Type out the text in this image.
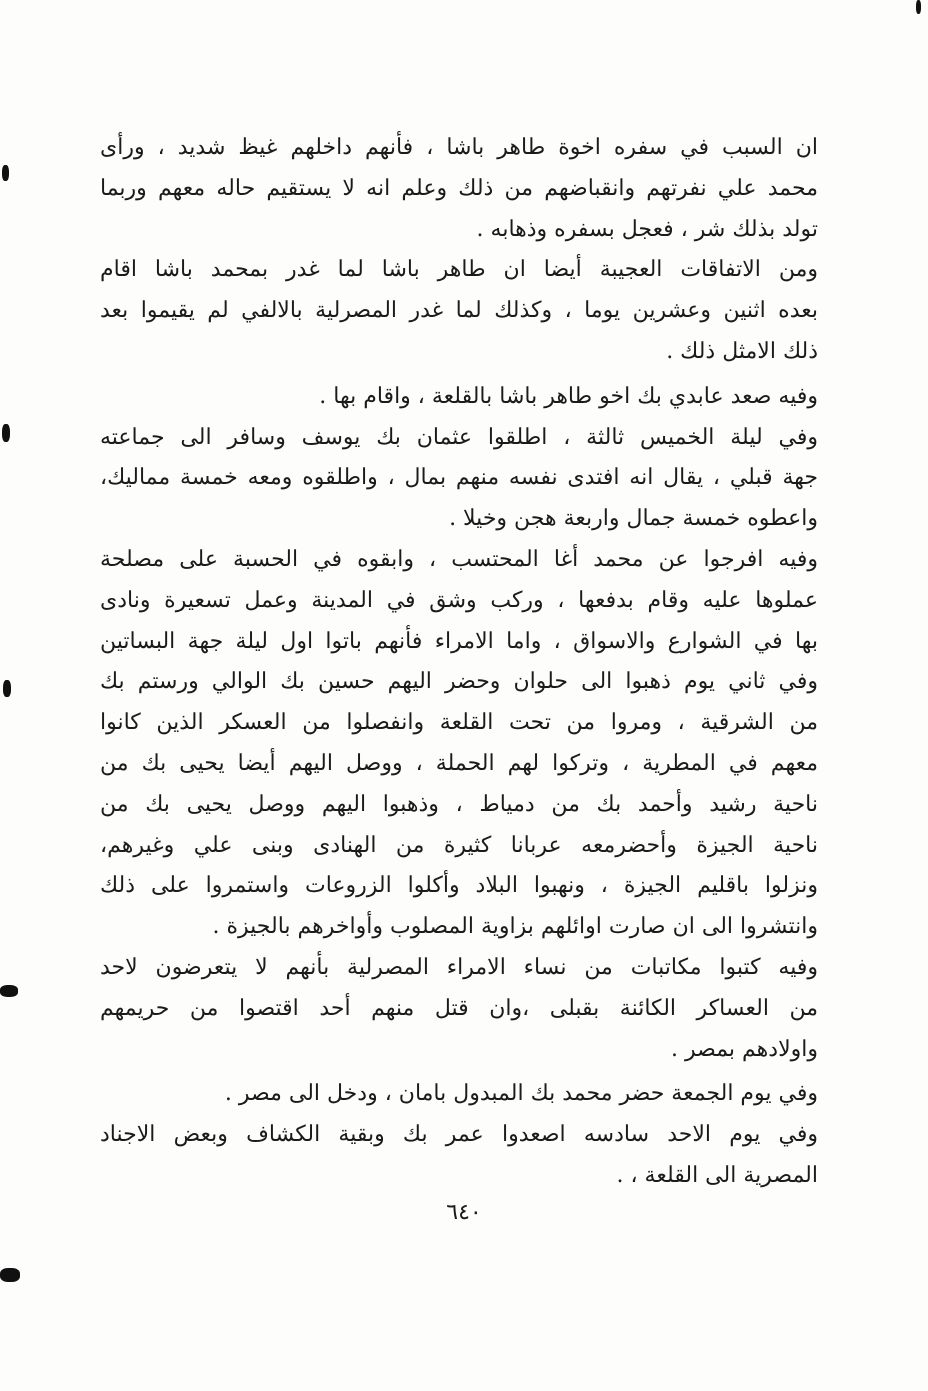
ان السبب في سفره اخوة طاهر باشا ، فأنهم داخلهم غيظ شديد ، ورأى
محمد علي نفرتهم وانقباضهم من ذلك وعلم انه لا يستقيم حاله معهم وربما
تولد بذلك شر ، فعجل بسفره وذهابه .
ومن الاتفاقات العجيبة أيضا ان طاهر باشا لما غدر بمحمد باشا اقام
بعده اثنين وعشرين يوما ، وكذلك لما غدر المصرلية بالالفي لم يقيموا بعد
ذلك الامثل ذلك .
وفيه صعد عابدي بك اخو طاهر باشا بالقلعة ، واقام بها .
وفي ليلة الخميس ثالثة ، اطلقوا عثمان بك يوسف وسافر الى جماعته
جهة قبلي ، يقال انه افتدى نفسه منهم بمال ، واطلقوه ومعه خمسة مماليك،
واعطوه خمسة جمال واربعة هجن وخيلا .
وفيه افرجوا عن محمد أغا المحتسب ، وابقوه في الحسبة على مصلحة
عملوها عليه وقام بدفعها ، وركب وشق في المدينة وعمل تسعيرة ونادى
بها في الشوارع والاسواق ، واما الامراء فأنهم باتوا اول ليلة جهة البساتين
وفي ثاني يوم ذهبوا الى حلوان وحضر اليهم حسين بك الوالي ورستم بك
من الشرقية ، ومروا من تحت القلعة وانفصلوا من العسكر الذين كانوا
معهم في المطرية ، وتركوا لهم الحملة ، ووصل اليهم أيضا يحيى بك من
ناحية رشيد وأحمد بك من دمياط ، وذهبوا اليهم ووصل يحيى بك من
ناحية الجيزة وأحضرمعه عربانا كثيرة من الهنادى وبنى علي وغيرهم،
ونزلوا باقليم الجيزة ، ونهبوا البلاد وأكلوا الزروعات واستمروا على ذلك
وانتشروا الى ان صارت اوائلهم بزاوية المصلوب وأواخرهم بالجيزة .
وفيه كتبوا مكاتبات من نساء الامراء المصرلية بأنهم لا يتعرضون لاحد
من العساكر الكائنة بقبلى ،وان قتل منهم أحد اقتصوا من حريمهم
واولادهم بمصر .
وفي يوم الجمعة حضر محمد بك المبدول بامان ، ودخل الى مصر .
وفي يوم الاحد سادسه اصعدوا عمر بك وبقية الكشاف وبعض الاجناد
المصرية الى القلعة ، .
٦٤٠
